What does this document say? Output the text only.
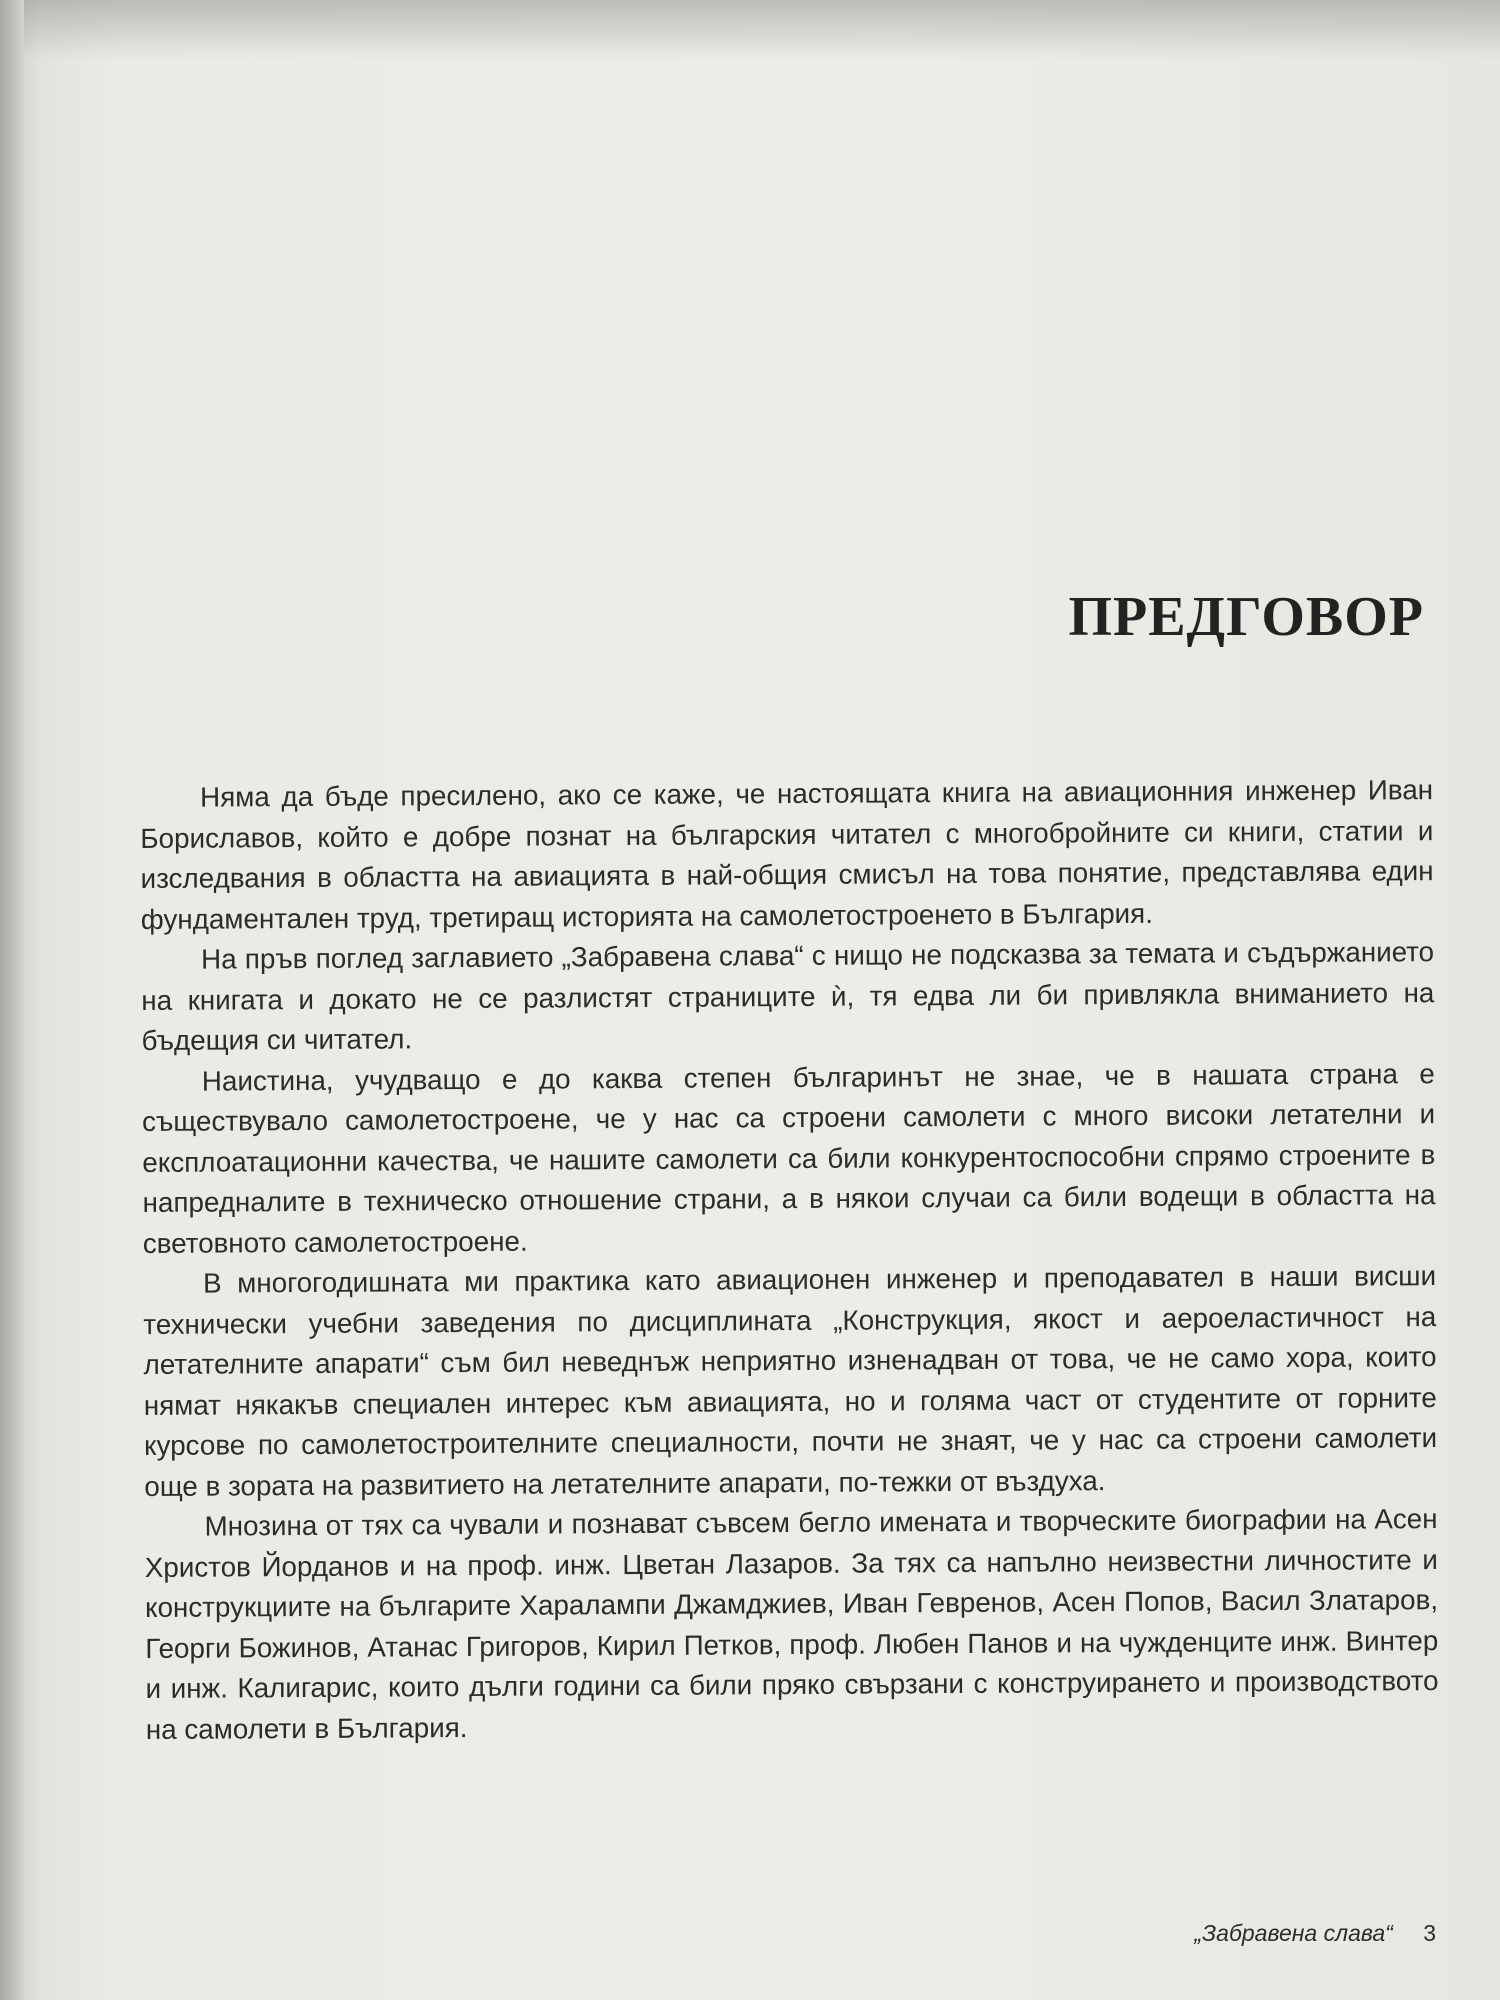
ПРЕДГОВОР

Няма да бъде пресилено, ако се каже, че настоящата книга на авиационния инженер Иван Бориславов, който е добре познат на българския читател с многобройните си книги, статии и изследвания в областта на авиацията в най-общия смисъл на това понятие, представлява един фундаментален труд, третиращ историята на самолетостроенето в България.

На пръв поглед заглавието „Забравена слава“ с нищо не подсказва за темата и съдържанието на книгата и докато не се разлистят страниците ѝ, тя едва ли би привлякла вниманието на бъдещия си читател.

Наистина, учудващо е до каква степен българинът не знае, че в нашата страна е съществувало самолетостроене, че у нас са строени самолети с много високи летателни и експлоатационни качества, че нашите самолети са били конкурентоспособни спрямо строените в напредналите в техническо отношение страни, а в някои случаи са били водещи в областта на световното самолетостроене.

В многогодишната ми практика като авиационен инженер и преподавател в наши висши технически учебни заведения по дисциплината „Конструкция, якост и аероеластичност на летателните апарати“ съм бил неведнъж неприятно изненадван от това, че не само хора, които нямат някакъв специален интерес към авиацията, но и голяма част от студентите от горните курсове по самолетостроителните специалности, почти не знаят, че у нас са строени самолети още в зората на развитието на летателните апарати, по-тежки от въздуха.

Мнозина от тях са чували и познават съвсем бегло имената и творческите биографии на Асен Христов Йорданов и на проф. инж. Цветан Лазаров. За тях са напълно неизвестни личностите и конструкциите на българите Харалампи Джамджиев, Иван Гевренов, Асен Попов, Васил Златаров, Георги Божинов, Атанас Григоров, Кирил Петков, проф. Любен Панов и на чужденците инж. Винтер и инж. Калигарис, които дълги години са били пряко свързани с конструирането и производството на самолети в България.

„Забравена слава“ 3
